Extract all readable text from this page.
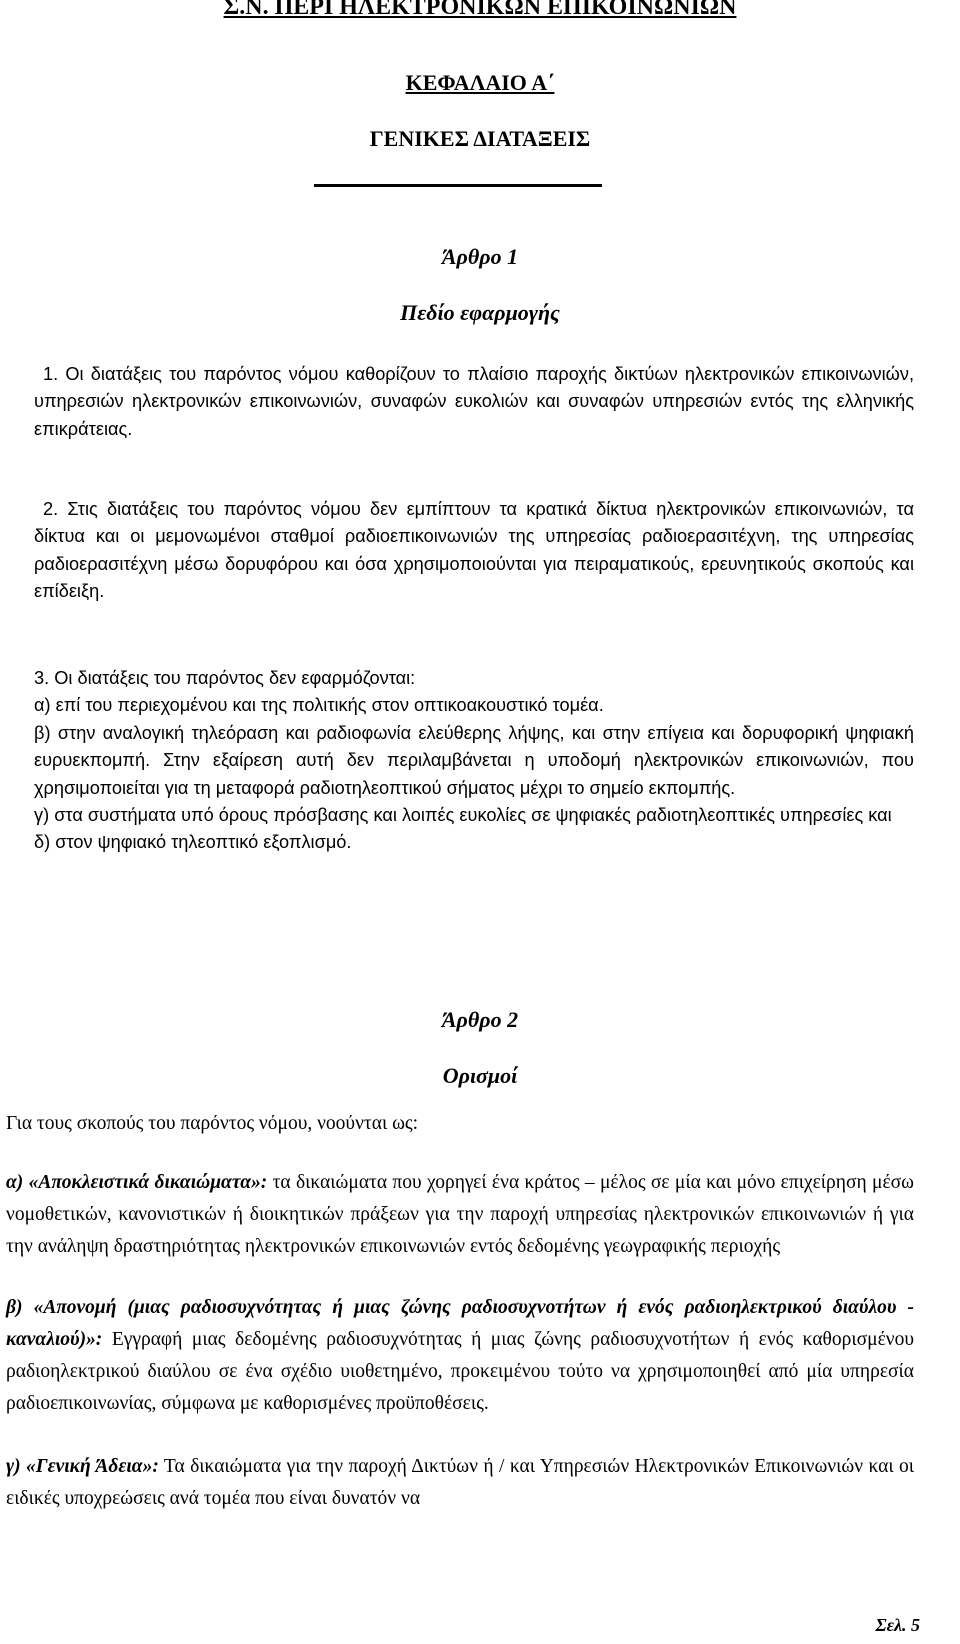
Σ.Ν. ΠΕΡΙ ΗΛΕΚΤΡΟΝΙΚΩΝ ΕΠΙΚΟΙΝΩΝΙΩΝ

ΚΕΦΑΛΑΙΟ Α΄

ΓΕΝΙΚΕΣ ΔΙΑΤΑΞΕΙΣ

Άρθρο 1

Πεδίο εφαρμογής

1. Οι διατάξεις του παρόντος νόμου καθορίζουν το πλαίσιο παροχής δικτύων ηλεκτρονικών επικοινωνιών, υπηρεσιών ηλεκτρονικών επικοινωνιών, συναφών ευκολιών και συναφών υπηρεσιών εντός της ελληνικής επικράτειας.

2. Στις διατάξεις του παρόντος νόμου δεν εμπίπτουν τα κρατικά δίκτυα ηλεκτρονικών επικοινωνιών, τα δίκτυα και οι μεμονωμένοι σταθμοί ραδιοεπικοινωνιών της υπηρεσίας ραδιοερασιτέχνη, της υπηρεσίας ραδιοερασιτέχνη μέσω δορυφόρου και όσα χρησιμοποιούνται για πειραματικούς, ερευνητικούς σκοπούς και επίδειξη.

3. Οι διατάξεις του παρόντος δεν εφαρμόζονται:
α) επί του περιεχομένου και της πολιτικής στον οπτικοακουστικό τομέα.
β) στην αναλογική τηλεόραση και ραδιοφωνία ελεύθερης λήψης, και στην επίγεια και δορυφορική ψηφιακή ευρυεκπομπή. Στην εξαίρεση αυτή δεν περιλαμβάνεται η υποδομή ηλεκτρονικών επικοινωνιών, που χρησιμοποιείται για τη μεταφορά ραδιοτηλεοπτικού σήματος μέχρι το σημείο εκπομπής.
γ) στα συστήματα υπό όρους πρόσβασης και λοιπές ευκολίες σε ψηφιακές ραδιοτηλεοπτικές υπηρεσίες και
δ) στον ψηφιακό τηλεοπτικό εξοπλισμό.

Άρθρο 2

Ορισμοί

Για τους σκοπούς του παρόντος νόμου, νοούνται ως:

α) «Αποκλειστικά δικαιώματα»: τα δικαιώματα που χορηγεί ένα κράτος – μέλος σε μία και μόνο επιχείρηση μέσω νομοθετικών, κανονιστικών ή διοικητικών πράξεων για την παροχή υπηρεσίας ηλεκτρονικών επικοινωνιών ή για την ανάληψη δραστηριότητας ηλεκτρονικών επικοινωνιών εντός δεδομένης γεωγραφικής περιοχής

β) «Απονομή (μιας ραδιοσυχνότητας ή μιας ζώνης ραδιοσυχνοτήτων ή ενός ραδιοηλεκτρικού διαύλου - καναλιού)»: Εγγραφή μιας δεδομένης ραδιοσυχνότητας ή μιας ζώνης ραδιοσυχνοτήτων ή ενός καθορισμένου ραδιοηλεκτρικού διαύλου σε ένα σχέδιο υιοθετημένο, προκειμένου τούτο να χρησιμοποιηθεί από μία υπηρεσία ραδιοεπικοινωνίας, σύμφωνα με καθορισμένες προϋποθέσεις.

γ) «Γενική Άδεια»: Τα δικαιώματα για την παροχή Δικτύων ή / και Υπηρεσιών Ηλεκτρονικών Επικοινωνιών και οι ειδικές υποχρεώσεις ανά τομέα που είναι δυνατόν να

Σελ. 5
